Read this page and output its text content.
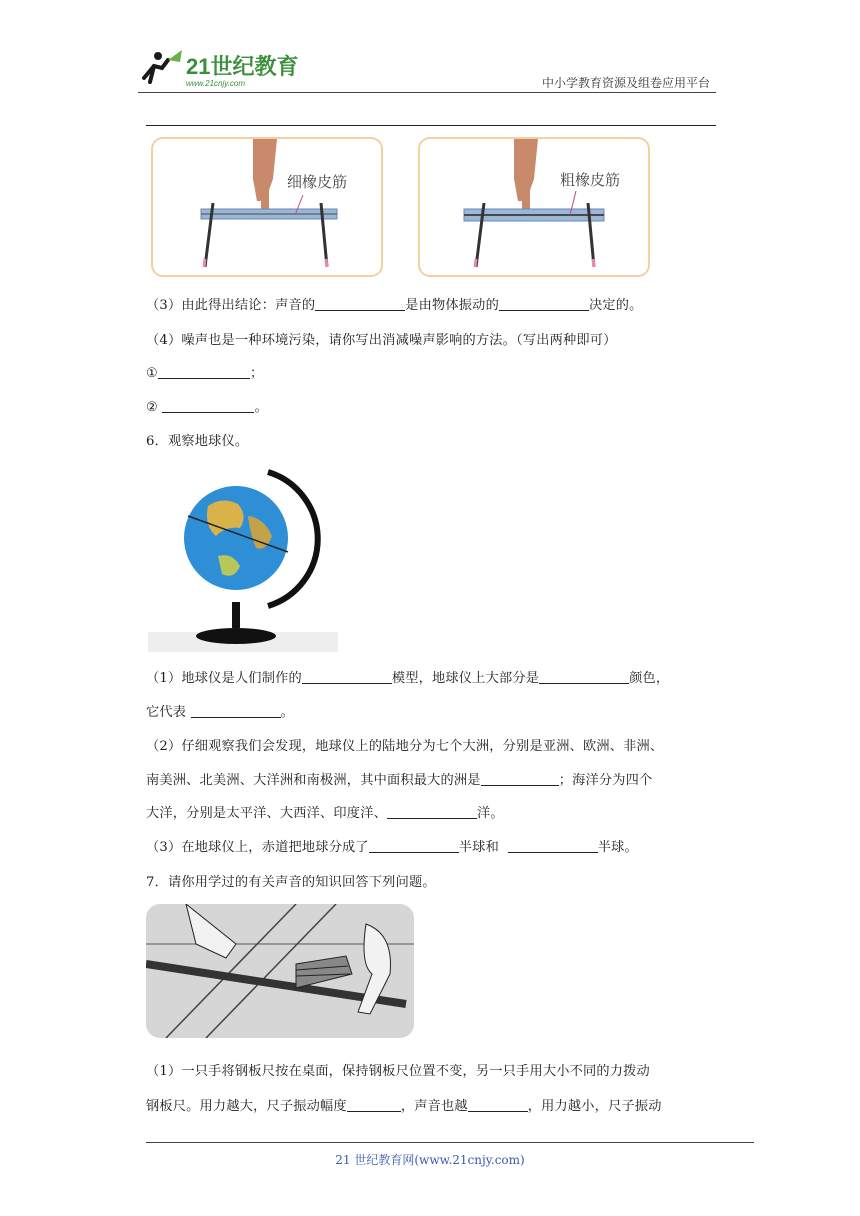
21世纪教育
www.21cnjy.com	中小学教育资源及组卷应用平台
细橡皮筋	粗橡皮筋
（3）由此得出结论：声音的	是由物体振动的	决定的。
（4）噪声也是一种环境污染，请你写出消减噪声影响的方法。（写出两种即可）
①	；
②	。
6．观察地球仪。
（1）地球仪是人们制作的	模型，地球仪上大部分是	颜色，
它代表	。
（2）仔细观察我们会发现，地球仪上的陆地分为七个大洲，分别是亚洲、欧洲、非洲、
南美洲、北美洲、大洋洲和南极洲，其中面积最大的洲是	；海洋分为四个
大洋，分别是太平洋、大西洋、印度洋、	洋。
（3）在地球仪上，赤道把地球分成了	半球和	半球。
7．请你用学过的有关声音的知识回答下列问题。
（1）一只手将钢板尺按在桌面，保持钢板尺位置不变，另一只手用大小不同的力拨动
钢板尺。用力越大，尺子振动幅度	，声音也越	，用力越小，尺子振动
21 世纪教育网(www.21cnjy.com)
